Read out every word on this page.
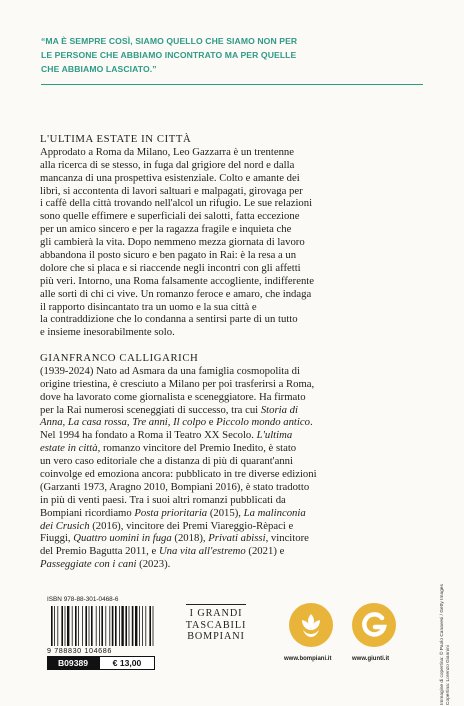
“MA È SEMPRE COSÌ, SIAMO QUELLO CHE SIAMO NON PER
LE PERSONE CHE ABBIAMO INCONTRATO MA PER QUELLE
CHE ABBIAMO LASCIATO.”
L'ULTIMA ESTATE IN CITTÀ
Approdato a Roma da Milano, Leo Gazzarra è un trentenne
alla ricerca di se stesso, in fuga dal grigiore del nord e dalla
mancanza di una prospettiva esistenziale. Colto e amante dei
libri, si accontenta di lavori saltuari e malpagati, girovaga per
i caffè della città trovando nell'alcol un rifugio. Le sue relazioni
sono quelle effimere e superficiali dei salotti, fatta eccezione
per un amico sincero e per la ragazza fragile e inquieta che
gli cambierà la vita. Dopo nemmeno mezza giornata di lavoro
abbandona il posto sicuro e ben pagato in Rai: è la resa a un
dolore che si placa e si riaccende negli incontri con gli affetti
più veri. Intorno, una Roma falsamente accogliente, indifferente
alle sorti di chi ci vive. Un romanzo feroce e amaro, che indaga
il rapporto disincantato tra un uomo e la sua città e
la contraddizione che lo condanna a sentirsi parte di un tutto
e insieme inesorabilmente solo.
GIANFRANCO CALLIGARICH
(1939-2024) Nato ad Asmara da una famiglia cosmopolita di
origine triestina, è cresciuto a Milano per poi trasferirsi a Roma,
dove ha lavorato come giornalista e sceneggiatore. Ha firmato
per la Rai numerosi sceneggiati di successo, tra cui Storia di
Anna, La casa rossa, Tre anni, Il colpo e Piccolo mondo antico.
Nel 1994 ha fondato a Roma il Teatro XX Secolo. L'ultima
estate in città, romanzo vincitore del Premio Inedito, è stato
un vero caso editoriale che a distanza di più di quarant'anni
coinvolge ed emoziona ancora: pubblicato in tre diverse edizioni
(Garzanti 1973, Aragno 2010, Bompiani 2016), è stato tradotto
in più di venti paesi. Tra i suoi altri romanzi pubblicati da
Bompiani ricordiamo Posta prioritaria (2015), La malinconia
dei Crusich (2016), vincitore dei Premi Viareggio-Rèpaci e
Fiuggi, Quattro uomini in fuga (2018), Privati abissi, vincitore
del Premio Bagutta 2011, e Una vita all'estremo (2021) e
Passeggiate con i cani (2023).
Immagine di copertina: © Paolo Canavesi / Getty Images Copertina: Lorenzo Giannini
ISBN 978-88-301-0468-6
9 788830 104686
B09389	€ 13,00
I GRANDI
TASCABILI
BOMPIANI
www.bompiani.it	www.giunti.it
